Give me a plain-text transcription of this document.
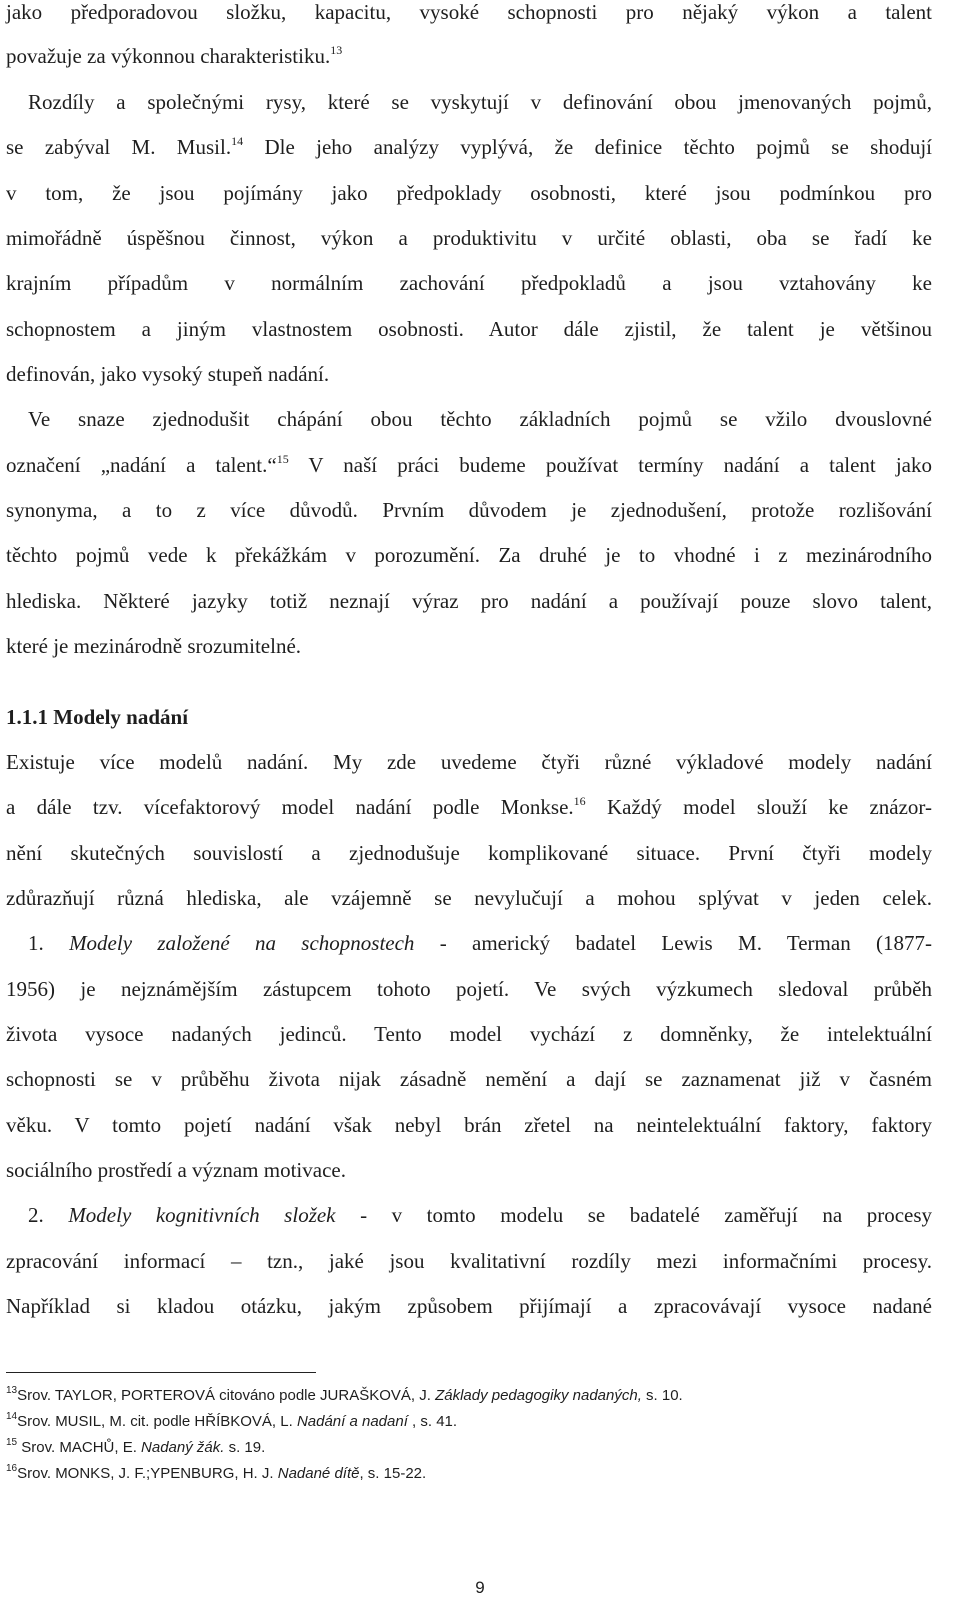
jako předporadovou složku, kapacitu, vysoké schopnosti pro nějaký výkon a talent
považuje za výkonnou charakteristiku.$^{13}$
Rozdíly a společnými rysy, které se vyskytují v definování obou jmenovaných pojmů,
se zabýval M. Musil.$^{14}$ Dle jeho analýzy vyplývá, že definice těchto pojmů se shodují
v tom, že jsou pojímány jako předpoklady osobnosti, které jsou podmínkou pro
mimořádně úspěšnou činnost, výkon a produktivitu v určité oblasti, oba se řadí ke
krajním případům v normálním zachování předpokladů a jsou vztahovány ke
schopnostem a jiným vlastnostem osobnosti. Autor dále zjistil, že talent je většinou
definován, jako vysoký stupeň nadání.
Ve snaze zjednodušit chápání obou těchto základních pojmů se vžilo dvouslovné
označení „nadání a talent.“$^{15}$ V naší práci budeme používat termíny nadání a talent jako
synonyma, a to z více důvodů. Prvním důvodem je zjednodušení, protože rozlišování
těchto pojmů vede k překážkám v porozumění. Za druhé je to vhodné i z mezinárodního
hlediska. Některé jazyky totiž neznají výraz pro nadání a používají pouze slovo talent,
které je mezinárodně srozumitelné.
1.1.1 Modely nadání
Existuje více modelů nadání. My zde uvedeme čtyři různé výkladové modely nadání
a dále tzv. vícefaktorový model nadání podle Monkse.$^{16}$ Každý model slouží ke znázor-
nění skutečných souvislostí a zjednodušuje komplikované situace. První čtyři modely
zdůrazňují různá hlediska, ale vzájemně se nevylučují a mohou splývat v jeden celek.
1. Modely založené na schopnostech - americký badatel Lewis M. Terman (1877-
1956) je nejznámějším zástupcem tohoto pojetí. Ve svých výzkumech sledoval průběh
života vysoce nadaných jedinců. Tento model vychází z domněnky, že intelektuální
schopnosti se v průběhu života nijak zásadně nemění a dají se zaznamenat již v časném
věku. V tomto pojetí nadání však nebyl brán zřetel na neintelektuální faktory, faktory
sociálního prostředí a význam motivace.
2. Modely kognitivních složek - v tomto modelu se badatelé zaměřují na procesy
zpracování informací – tzn., jaké jsou kvalitativní rozdíly mezi informačními procesy.
Například si kladou otázku, jakým způsobem přijímají a zpracovávají vysoce nadané
$^{13}$Srov. TAYLOR, PORTEROVÁ citováno podle JURAŠKOVÁ, J. Základy pedagogiky nadaných, s. 10.
$^{14}$Srov. MUSIL, M. cit. podle HŘÍBKOVÁ, L. Nadání a nadaní , s. 41.
$^{15}$ Srov. MACHŮ, E. Nadaný žák. s. 19.
$^{16}$Srov. MONKS, J. F.;YPENBURG, H. J. Nadané dítě, s. 15-22.
9
